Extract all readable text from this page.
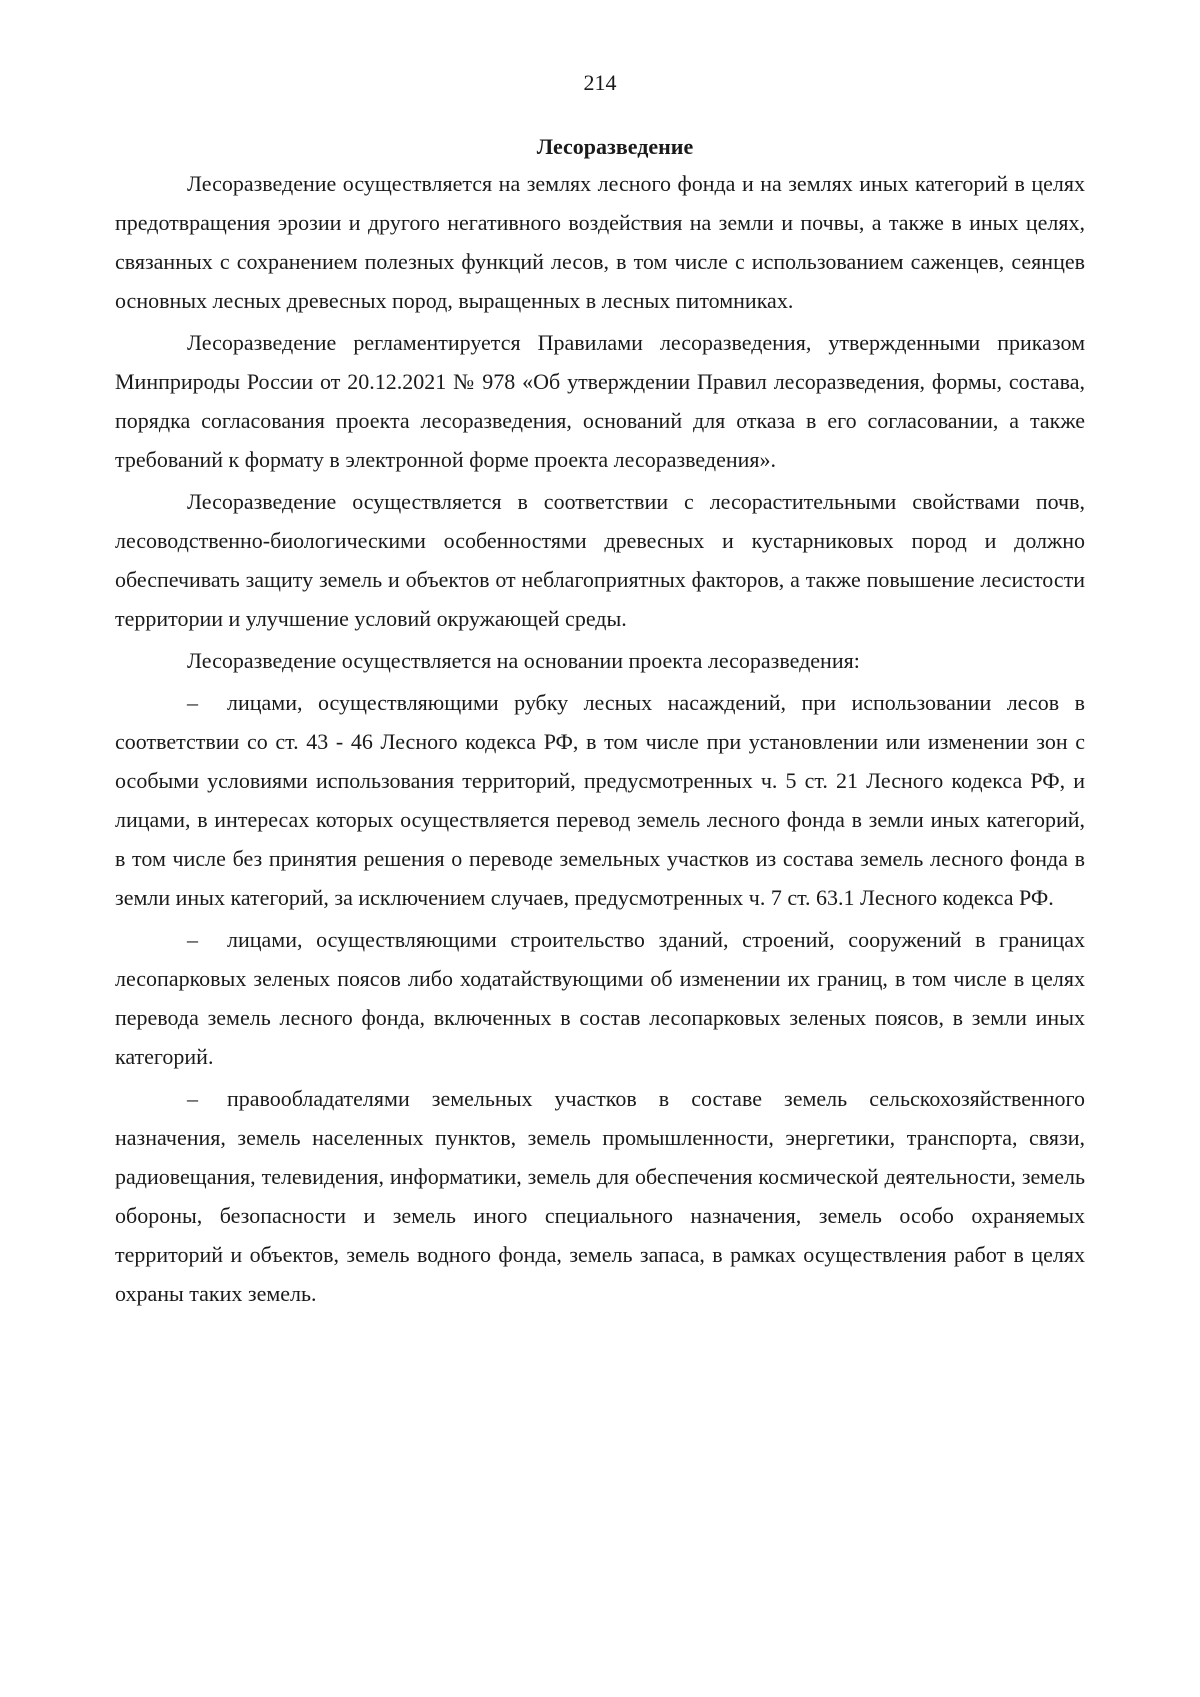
214

Лесоразведение

Лесоразведение осуществляется на землях лесного фонда и на землях иных категорий в целях предотвращения эрозии и другого негативного воздействия на земли и почвы, а также в иных целях, связанных с сохранением полезных функций лесов, в том числе с использованием саженцев, сеянцев основных лесных древесных пород, выращенных в лесных питомниках.

Лесоразведение регламентируется Правилами лесоразведения, утвержденными приказом Минприроды России от 20.12.2021 № 978 «Об утверждении Правил лесоразведения, формы, состава, порядка согласования проекта лесоразведения, оснований для отказа в его согласовании, а также требований к формату в электронной форме проекта лесоразведения».

Лесоразведение осуществляется в соответствии с лесорастительными свойствами почв, лесоводственно-биологическими особенностями древесных и кустарниковых пород и должно обеспечивать защиту земель и объектов от неблагоприятных факторов, а также повышение лесистости территории и улучшение условий окружающей среды.

Лесоразведение осуществляется на основании проекта лесоразведения:

– лицами, осуществляющими рубку лесных насаждений, при использовании лесов в соответствии со ст. 43 - 46 Лесного кодекса РФ, в том числе при установлении или изменении зон с особыми условиями использования территорий, предусмотренных ч. 5 ст. 21 Лесного кодекса РФ, и лицами, в интересах которых осуществляется перевод земель лесного фонда в земли иных категорий, в том числе без принятия решения о переводе земельных участков из состава земель лесного фонда в земли иных категорий, за исключением случаев, предусмотренных ч. 7 ст. 63.1 Лесного кодекса РФ.

– лицами, осуществляющими строительство зданий, строений, сооружений в границах лесопарковых зеленых поясов либо ходатайствующими об изменении их границ, в том числе в целях перевода земель лесного фонда, включенных в состав лесопарковых зеленых поясов, в земли иных категорий.

– правообладателями земельных участков в составе земель сельскохозяйственного назначения, земель населенных пунктов, земель промышленности, энергетики, транспорта, связи, радиовещания, телевидения, информатики, земель для обеспечения космической деятельности, земель обороны, безопасности и земель иного специального назначения, земель особо охраняемых территорий и объектов, земель водного фонда, земель запаса, в рамках осуществления работ в целях охраны таких земель.
